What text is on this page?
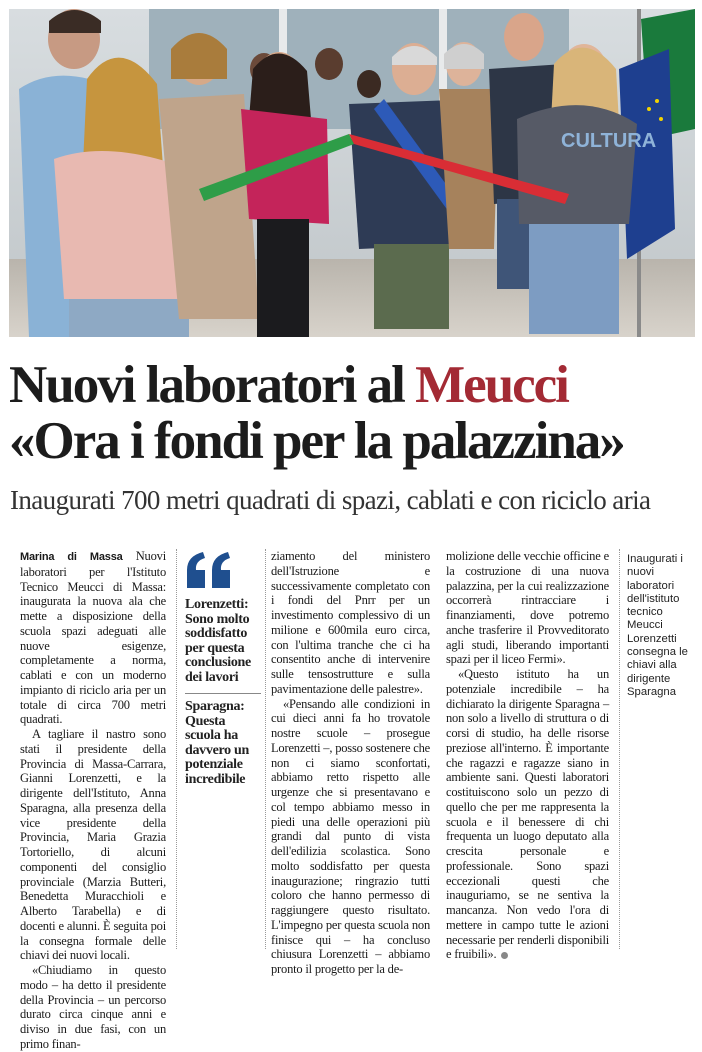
CULTURA
Nuovi laboratori al Meucci
«Ora i fondi per la palazzina»
Inaugurati 700 metri quadrati di spazi, cablati e con riciclo aria

Marina di Massa Nuovi laboratori per l'Istituto Tecnico Meucci di Massa: inaugurata la nuova ala che mette a disposizione della scuola spazi adeguati alle nuove esigenze, completamente a norma, cablati e con un moderno impianto di riciclo aria per un totale di circa 700 metri quadrati.

A tagliare il nastro sono stati il presidente della Provincia di Massa-Carrara, Gianni Lorenzetti, e la dirigente dell'Istituto, Anna Sparagna, alla presenza della vice presidente della Provincia, Maria Grazia Tortoriello, di alcuni componenti del consiglio provinciale (Marzia Butteri, Benedetta Muracchioli e Alberto Tarabella) e di docenti e alunni. È seguita poi la consegna formale delle chiavi dei nuovi locali.

«Chiudiamo in questo modo – ha detto il presidente della Provincia – un percorso durato circa cinque anni e diviso in due fasi, con un primo finan-

Lorenzetti: Sono molto soddisfatto per questa conclusione dei lavori
Sparagna: Questa scuola ha davvero un potenziale incredibile

ziamento del ministero dell'Istruzione e successivamente completato con i fondi del Pnrr per un investimento complessivo di un milione e 600mila euro circa, con l'ultima tranche che ci ha consentito anche di intervenire sulle tensostrutture e sulla pavimentazione delle palestre».

«Pensando alle condizioni in cui dieci anni fa ho trovatole nostre scuole – prosegue Lorenzetti –, posso sostenere che non ci siamo sconfortati, abbiamo retto rispetto alle urgenze che si presentavano e col tempo abbiamo messo in piedi una delle operazioni più grandi dal punto di vista dell'edilizia scolastica. Sono molto soddisfatto per questa inaugurazione; ringrazio tutti coloro che hanno permesso di raggiungere questo risultato. L'impegno per questa scuola non finisce qui – ha concluso chiusura Lorenzetti – abbiamo pronto il progetto per la de-

molizione delle vecchie officine e la costruzione di una nuova palazzina, per la cui realizzazione occorrerà rintracciare i finanziamenti, dove potremo anche trasferire il Provveditorato agli studi, liberando importanti spazi per il liceo Fermi».

«Questo istituto ha un potenziale incredibile – ha dichiarato la dirigente Sparagna – non solo a livello di struttura o di corsi di studio, ha delle risorse preziose all'interno. È importante che ragazzi e ragazze siano in ambiente sani. Questi laboratori costituiscono solo un pezzo di quello che per me rappresenta la scuola e il benessere di chi frequenta un luogo deputato alla crescita personale e professionale. Sono spazi eccezionali questi che inauguriamo, se ne sentiva la mancanza. Non vedo l'ora di mettere in campo tutte le azioni necessarie per renderli disponibili e fruibili».

Inaugurati i nuovi laboratori dell'istituto tecnico Meucci Lorenzetti consegna le chiavi alla dirigente Sparagna
